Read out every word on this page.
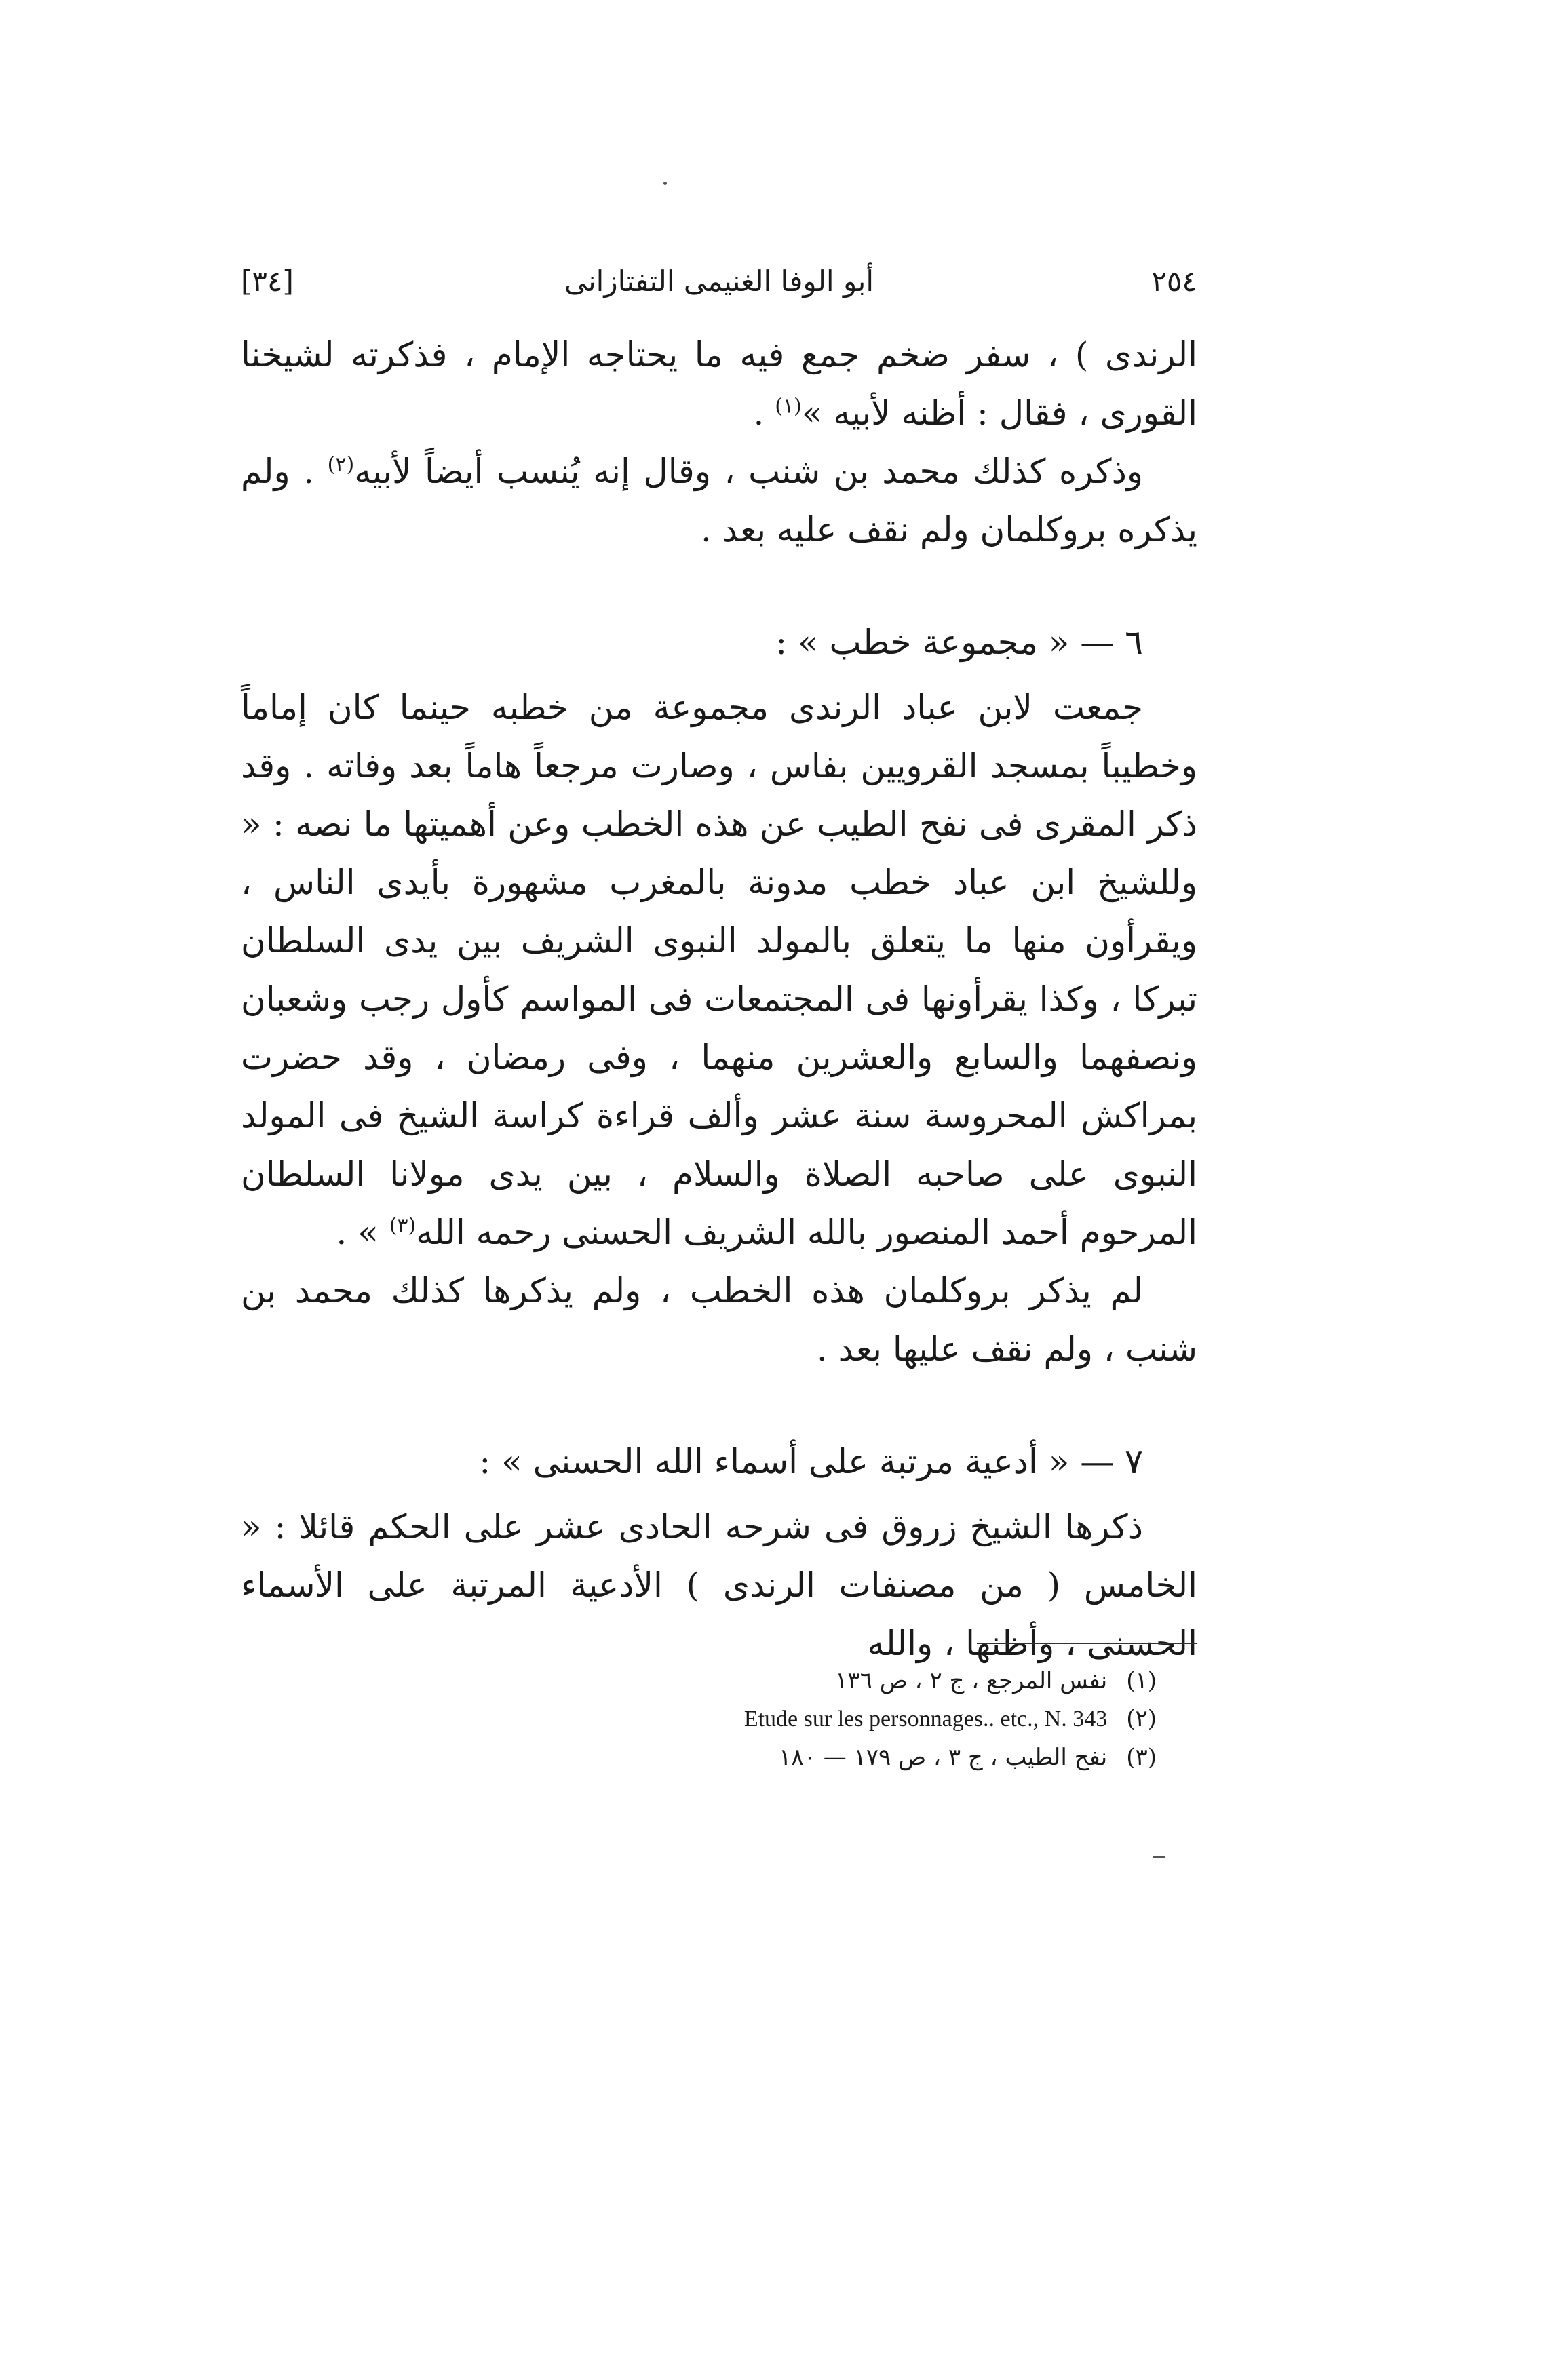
[٣٤]	أبو الوفا الغنيمى التفتازانى	٢٥٤

الرندى ) ، سفر ضخم جمع فيه ما يحتاجه الإمام ، فذكرته لشيخنا القورى ، فقال : أظنه لأبيه »$^{(١)}$ .

وذكره كذلك محمد بن شنب ، وقال إنه يُنسب أيضاً لأبيه$^{(٢)}$ . ولم يذكره بروكلمان ولم نقف عليه بعد .

٦ — « مجموعة خطب » :

جمعت لابن عباد الرندى مجموعة من خطبه حينما كان إماماً وخطيباً بمسجد القرويين بفاس ، وصارت مرجعاً هاماً بعد وفاته . وقد ذكر المقرى فى نفح الطيب عن هذه الخطب وعن أهميتها ما نصه : « وللشيخ ابن عباد خطب مدونة بالمغرب مشهورة بأيدى الناس ، ويقرأون منها ما يتعلق بالمولد النبوى الشريف بين يدى السلطان تبركا ، وكذا يقرأونها فى المجتمعات فى المواسم كأول رجب وشعبان ونصفهما والسابع والعشرين منهما ، وفى رمضان ، وقد حضرت بمراكش المحروسة سنة عشر وألف قراءة كراسة الشيخ فى المولد النبوى على صاحبه الصلاة والسلام ، بين يدى مولانا السلطان المرحوم أحمد المنصور بالله الشريف الحسنى رحمه الله$^{(٣)}$ » .

لم يذكر بروكلمان هذه الخطب ، ولم يذكرها كذلك محمد بن شنب ، ولم نقف عليها بعد .

٧ — « أدعية مرتبة على أسماء الله الحسنى » :

ذكرها الشيخ زروق فى شرحه الحادى عشر على الحكم قائلا : « الخامس ( من مصنفات الرندى ) الأدعية المرتبة على الأسماء الحسنى ، وأظنها ، والله

(١)نفس المرجع ، ج ٢ ، ص ١٣٦
(٢)Etude sur les personnages.. etc., N. 343
(٣)نفح الطيب ، ج ٣ ، ص ١٧٩ — ١٨٠
